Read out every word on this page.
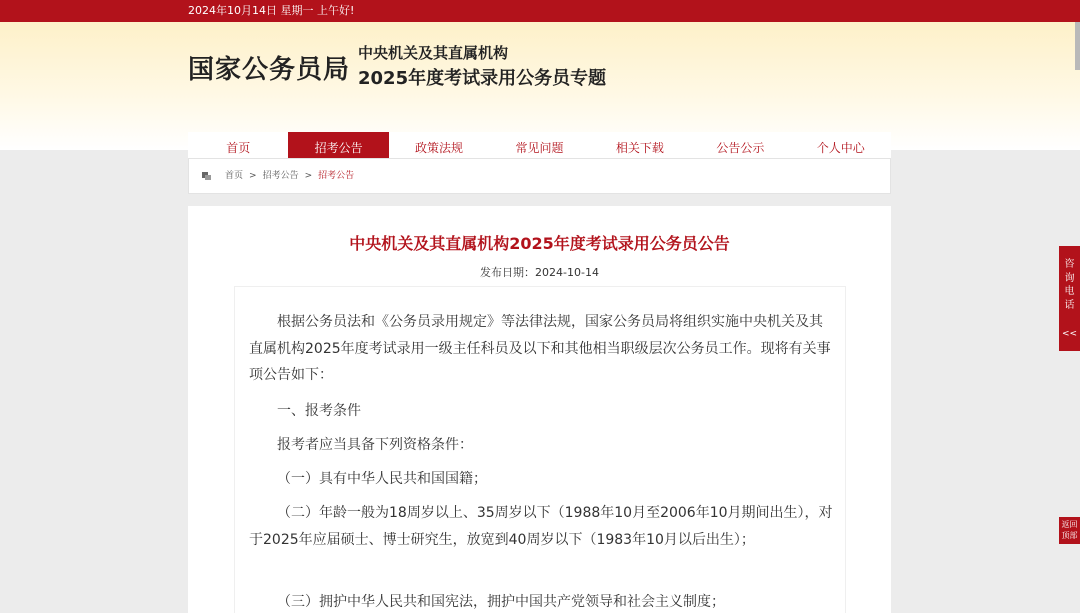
2024年10月14日 星期一 上午好!
国家公务员局
中央机关及其直属机构
2025年度考试录用公务员专题
首页	招考公告	政策法规	常见问题	相关下载	公告公示	个人中心
首页 > 招考公告 > 招考公告
中央机关及其直属机构2025年度考试录用公务员公告
发布日期：2024-10-14

根据公务员法和《公务员录用规定》等法律法规，国家公务员局将组织实施中央机关及其直属机构2025年度考试录用一级主任科员及以下和其他相当职级层次公务员工作。现将有关事项公告如下：

一、报考条件

报考者应当具备下列资格条件：

（一）具有中华人民共和国国籍；

（二）年龄一般为18周岁以上、35周岁以下（1988年10月至2006年10月期间出生），对于2025年应届硕士、博士研究生，放宽到40周岁以下（1983年10月以后出生）；

（三）拥护中华人民共和国宪法，拥护中国共产党领导和社会主义制度；

咨询电话
<<
返回顶部
